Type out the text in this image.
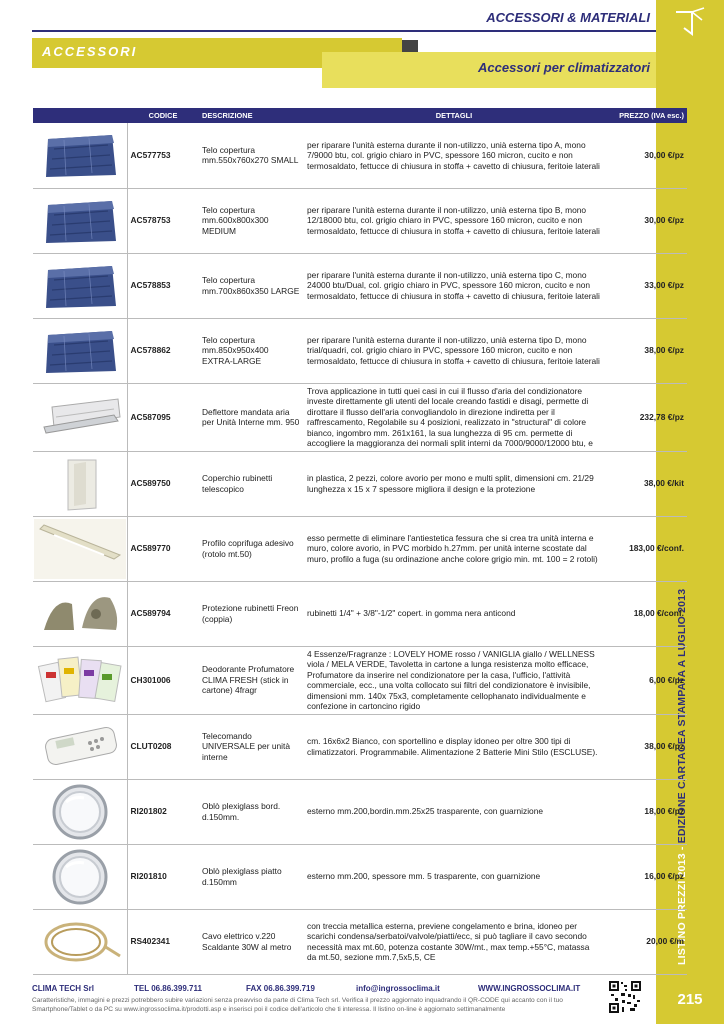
LISTINO PREZZI 2013 - EDIZIONE CARTACEA STAMPATA A LUGLIO 2013
ACCESSORI & MATERIALI
ACCESSORI
Accessori per climatizzatori
	CODICE	DESCRIZIONE	DETTAGLI	PREZZO (IVA esc.)

	AC577753	Telo copertura mm.550x760x270 SMALL	per riparare l'unità esterna durante il non-utilizzo, unià esterna tipo A, mono 7/9000 btu, col. grigio chiaro in PVC, spessore 160 micron, cucito e non termosaldato, fettucce di chiusura in stoffa + cavetto di chiusura, feritoie laterali	30,00 €/pz

	AC578753	Telo copertura mm.600x800x300 MEDIUM	per riparare l'unità esterna durante il non-utilizzo, unià esterna tipo B, mono 12/18000 btu, col. grigio chiaro in PVC, spessore 160 micron, cucito e non termosaldato, fettucce di chiusura in stoffa + cavetto di chiusura, feritoie laterali	30,00 €/pz

	AC578853	Telo copertura mm.700x860x350 LARGE	per riparare l'unità esterna durante il non-utilizzo, unià esterna tipo C, mono 24000 btu/Dual, col. grigio chiaro in PVC, spessore 160 micron, cucito e non termosaldato, fettucce di chiusura in stoffa + cavetto di chiusura, feritoie laterali	33,00 €/pz

	AC578862	Telo copertura mm.850x950x400 EXTRA-LARGE	per riparare l'unità esterna durante il non-utilizzo, unià esterna tipo D, mono trial/quadri, col. grigio chiaro in PVC, spessore 160 micron, cucito e non termosaldato, fettucce di chiusura in stoffa + cavetto di chiusura, feritoie laterali	38,00 €/pz

	AC587095	Deflettore mandata aria per Unità Interne mm. 950	Trova applicazione in tutti quei casi in cui il flusso d'aria del condizionatore investe direttamente gli utenti del locale creando fastidi e disagi, permette di dirottare il flusso dell'aria convogliandolo in direzione indiretta per il raffrescamento, Regolabile su 4 posizioni, realizzato in "structural" di colore bianco, ingombro mm. 261x161, la sua lunghezza di 95 cm. permette di accogliere la maggioranza dei normali split interni da 7000/9000/12000 btu, e	232,78 €/pz

	AC589750	Coperchio rubinetti telescopico	in plastica, 2 pezzi, colore avorio per mono e multi split, dimensioni cm. 21/29 lunghezza x 15 x 7 spessore migliora il design e la protezione	38,00 €/kit

	AC589770	Profilo coprifuga adesivo (rotolo mt.50)	esso permette di eliminare l'antiestetica fessura che si crea tra unità interna e muro, colore avorio, in PVC morbido h.27mm. per unità interne scostate dal muro, profilo a fuga (su ordinazione anche colore grigio min. mt. 100 = 2 rotoli)	183,00 €/conf.

	AC589794	Protezione rubinetti Freon (coppia)	rubinetti 1/4" + 3/8"-1/2" copert. in gomma nera anticond	18,00 €/conf.

	CH301006	Deodorante Profumatore CLIMA FRESH (stick in cartone) 4fragr	4 Essenze/Fragranze : LOVELY HOME rosso / VANIGLIA giallo / WELLNESS viola / MELA VERDE, Tavoletta in cartone a lunga resistenza molto efficace, Profumatore da inserire nel condizionatore per la casa, l'ufficio, l'attività commerciale, ecc., una volta collocato sui filtri del condizionatore è invisibile, dimensioni mm. 140x 75x3, completamente cellophanato individualmente e confezione in cartoncino rigido	6,00 €/pz

	CLUT0208	Telecomando UNIVERSALE per unità interne	cm. 16x6x2 Bianco, con sportellino e display idoneo per oltre 300 tipi di climatizzatori. Programmabile. Alimentazione 2 Batterie Mini Stilo (ESCLUSE).	38,00 €/pz

	RI201802	Oblò plexiglass bord. d.150mm.	esterno mm.200,bordin.mm.25x25 trasparente, con guarnizione	18,00 €/pz

	RI201810	Oblò plexiglass piatto d.150mm	esterno mm.200, spessore mm. 5 trasparente, con guarnizione	16,00 €/pz

	RS402341	Cavo elettrico v.220 Scaldante 30W al metro	con treccia metallica esterna, previene congelamento e brina, idoneo per scarichi condensa/serbatoi/valvole/piatti/ecc, si può tagliare il cavo secondo necessità max mt.60, potenza costante 30W/mt., max temp.+55°C, matassa da mt.50, sezione mm.7,5x5,5, CE	20,00 €/m
CLIMA TECH Srl	TEL 06.86.399.711	FAX 06.86.399.719	info@ingrossoclima.it	WWW.INGROSSOCLIMA.IT
Caratteristiche, immagini e prezzi potrebbero subire variazioni senza preavviso da parte di Clima Tech srl. Verifica il prezzo aggiornato inquadrando il QR-CODE qui accanto con il tuo Smartphone/Tablet o da PC su www.ingrossoclima.it/prodotti.asp e inserisci poi il codice dell'articolo che ti interessa. Il listino on-line è aggiornato settimanalmente
215
